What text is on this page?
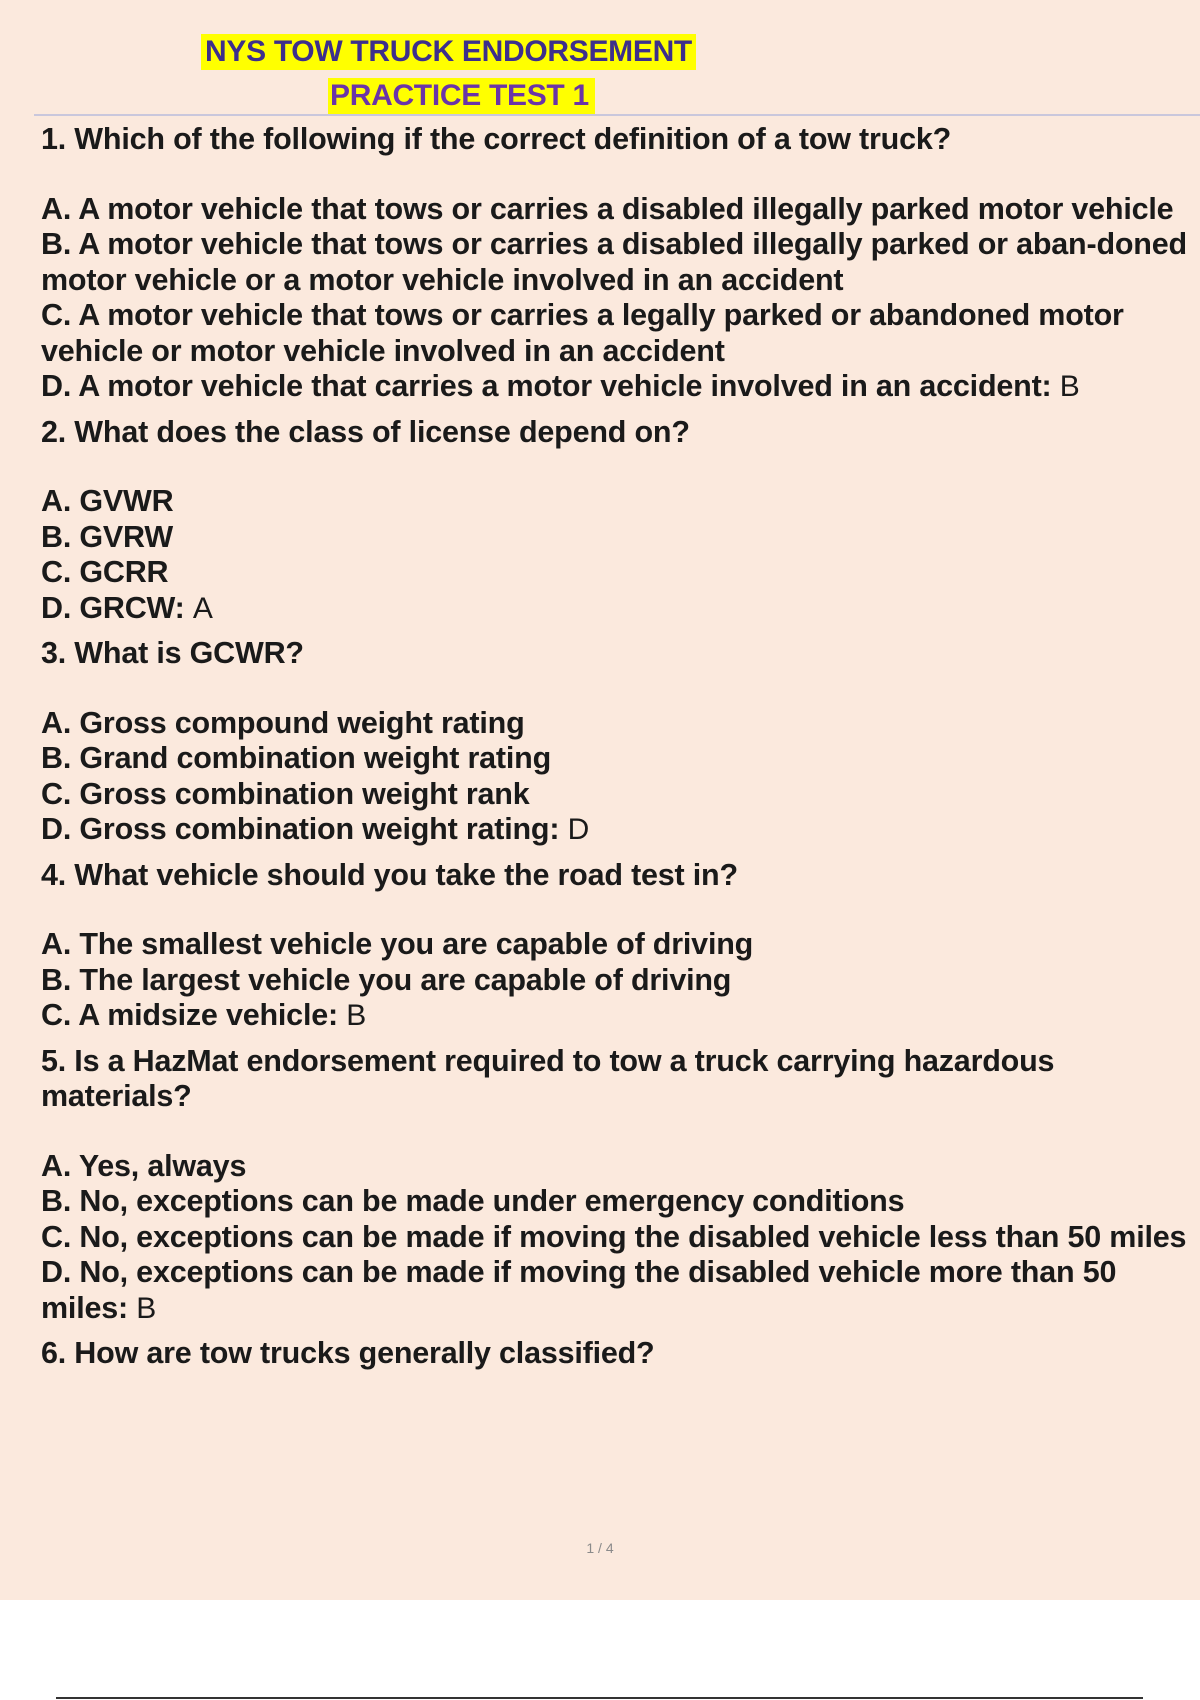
NYS TOW TRUCK ENDORSEMENT
PRACTICE TEST 1
1. Which of the following if the correct definition of a tow truck?
A. A motor vehicle that tows or carries a disabled illegally parked motor vehicle
B. A motor vehicle that tows or carries a disabled illegally parked or aban-doned motor vehicle or a motor vehicle involved in an accident
C. A motor vehicle that tows or carries a legally parked or abandoned motor vehicle or motor vehicle involved in an accident
D. A motor vehicle that carries a motor vehicle involved in an accident: B
2. What does the class of license depend on?
A. GVWR
B. GVRW
C. GCRR
D. GRCW: A
3. What is GCWR?
A. Gross compound weight rating
B. Grand combination weight rating
C. Gross combination weight rank
D. Gross combination weight rating: D
4. What vehicle should you take the road test in?
A. The smallest vehicle you are capable of driving
B. The largest vehicle you are capable of driving
C. A midsize vehicle: B
5. Is a HazMat endorsement required to tow a truck carrying hazardous materials?
A. Yes, always
B. No, exceptions can be made under emergency conditions
C. No, exceptions can be made if moving the disabled vehicle less than 50 miles
D. No, exceptions can be made if moving the disabled vehicle more than 50 miles: B
6. How are tow trucks generally classified?
1 / 4
